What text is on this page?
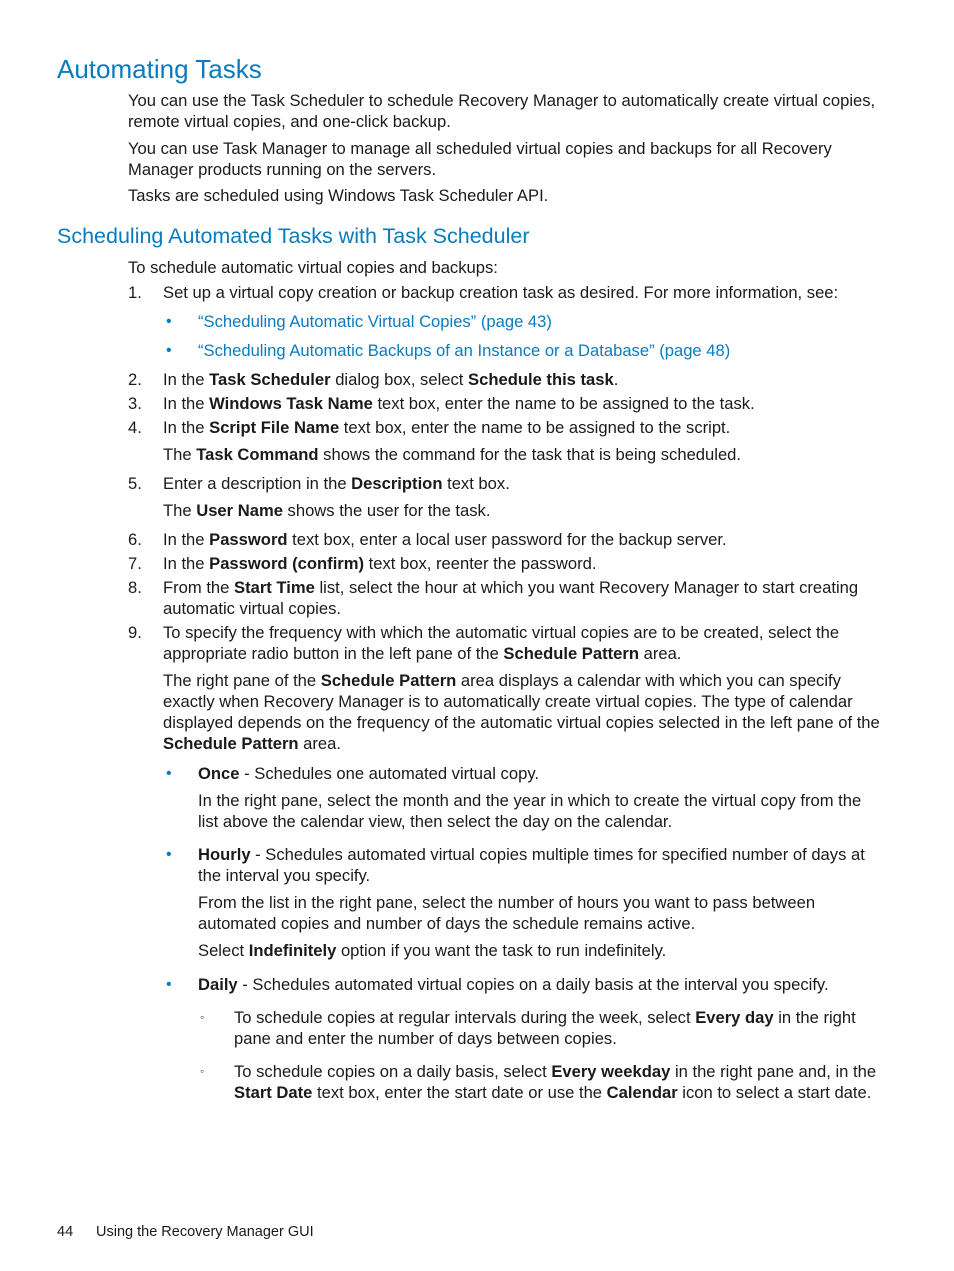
Automating Tasks
You can use the Task Scheduler to schedule Recovery Manager to automatically create virtual copies, remote virtual copies, and one-click backup.
You can use Task Manager to manage all scheduled virtual copies and backups for all Recovery Manager products running on the servers.
Tasks are scheduled using Windows Task Scheduler API.
Scheduling Automated Tasks with Task Scheduler
To schedule automatic virtual copies and backups:
1.	Set up a virtual copy creation or backup creation task as desired. For more information, see:
• “Scheduling Automatic Virtual Copies” (page 43)
• “Scheduling Automatic Backups of an Instance or a Database” (page 48)
2.	In the Task Scheduler dialog box, select Schedule this task.
3.	In the Windows Task Name text box, enter the name to be assigned to the task.
4.	In the Script File Name text box, enter the name to be assigned to the script.
The Task Command shows the command for the task that is being scheduled.
5.	Enter a description in the Description text box.
The User Name shows the user for the task.
6.	In the Password text box, enter a local user password for the backup server.
7.	In the Password (confirm) text box, reenter the password.
8.	From the Start Time list, select the hour at which you want Recovery Manager to start creating automatic virtual copies.
9.	To specify the frequency with which the automatic virtual copies are to be created, select the appropriate radio button in the left pane of the Schedule Pattern area.
The right pane of the Schedule Pattern area displays a calendar with which you can specify exactly when Recovery Manager is to automatically create virtual copies. The type of calendar displayed depends on the frequency of the automatic virtual copies selected in the left pane of the Schedule Pattern area.
• Once - Schedules one automated virtual copy.
In the right pane, select the month and the year in which to create the virtual copy from the list above the calendar view, then select the day on the calendar.
• Hourly - Schedules automated virtual copies multiple times for specified number of days at the interval you specify.
From the list in the right pane, select the number of hours you want to pass between automated copies and number of days the schedule remains active.
Select Indefinitely option if you want the task to run indefinitely.
• Daily - Schedules automated virtual copies on a daily basis at the interval you specify.
◦ To schedule copies at regular intervals during the week, select Every day in the right pane and enter the number of days between copies.
◦ To schedule copies on a daily basis, select Every weekday in the right pane and, in the Start Date text box, enter the start date or use the Calendar icon to select a start date.
44 Using the Recovery Manager GUI
